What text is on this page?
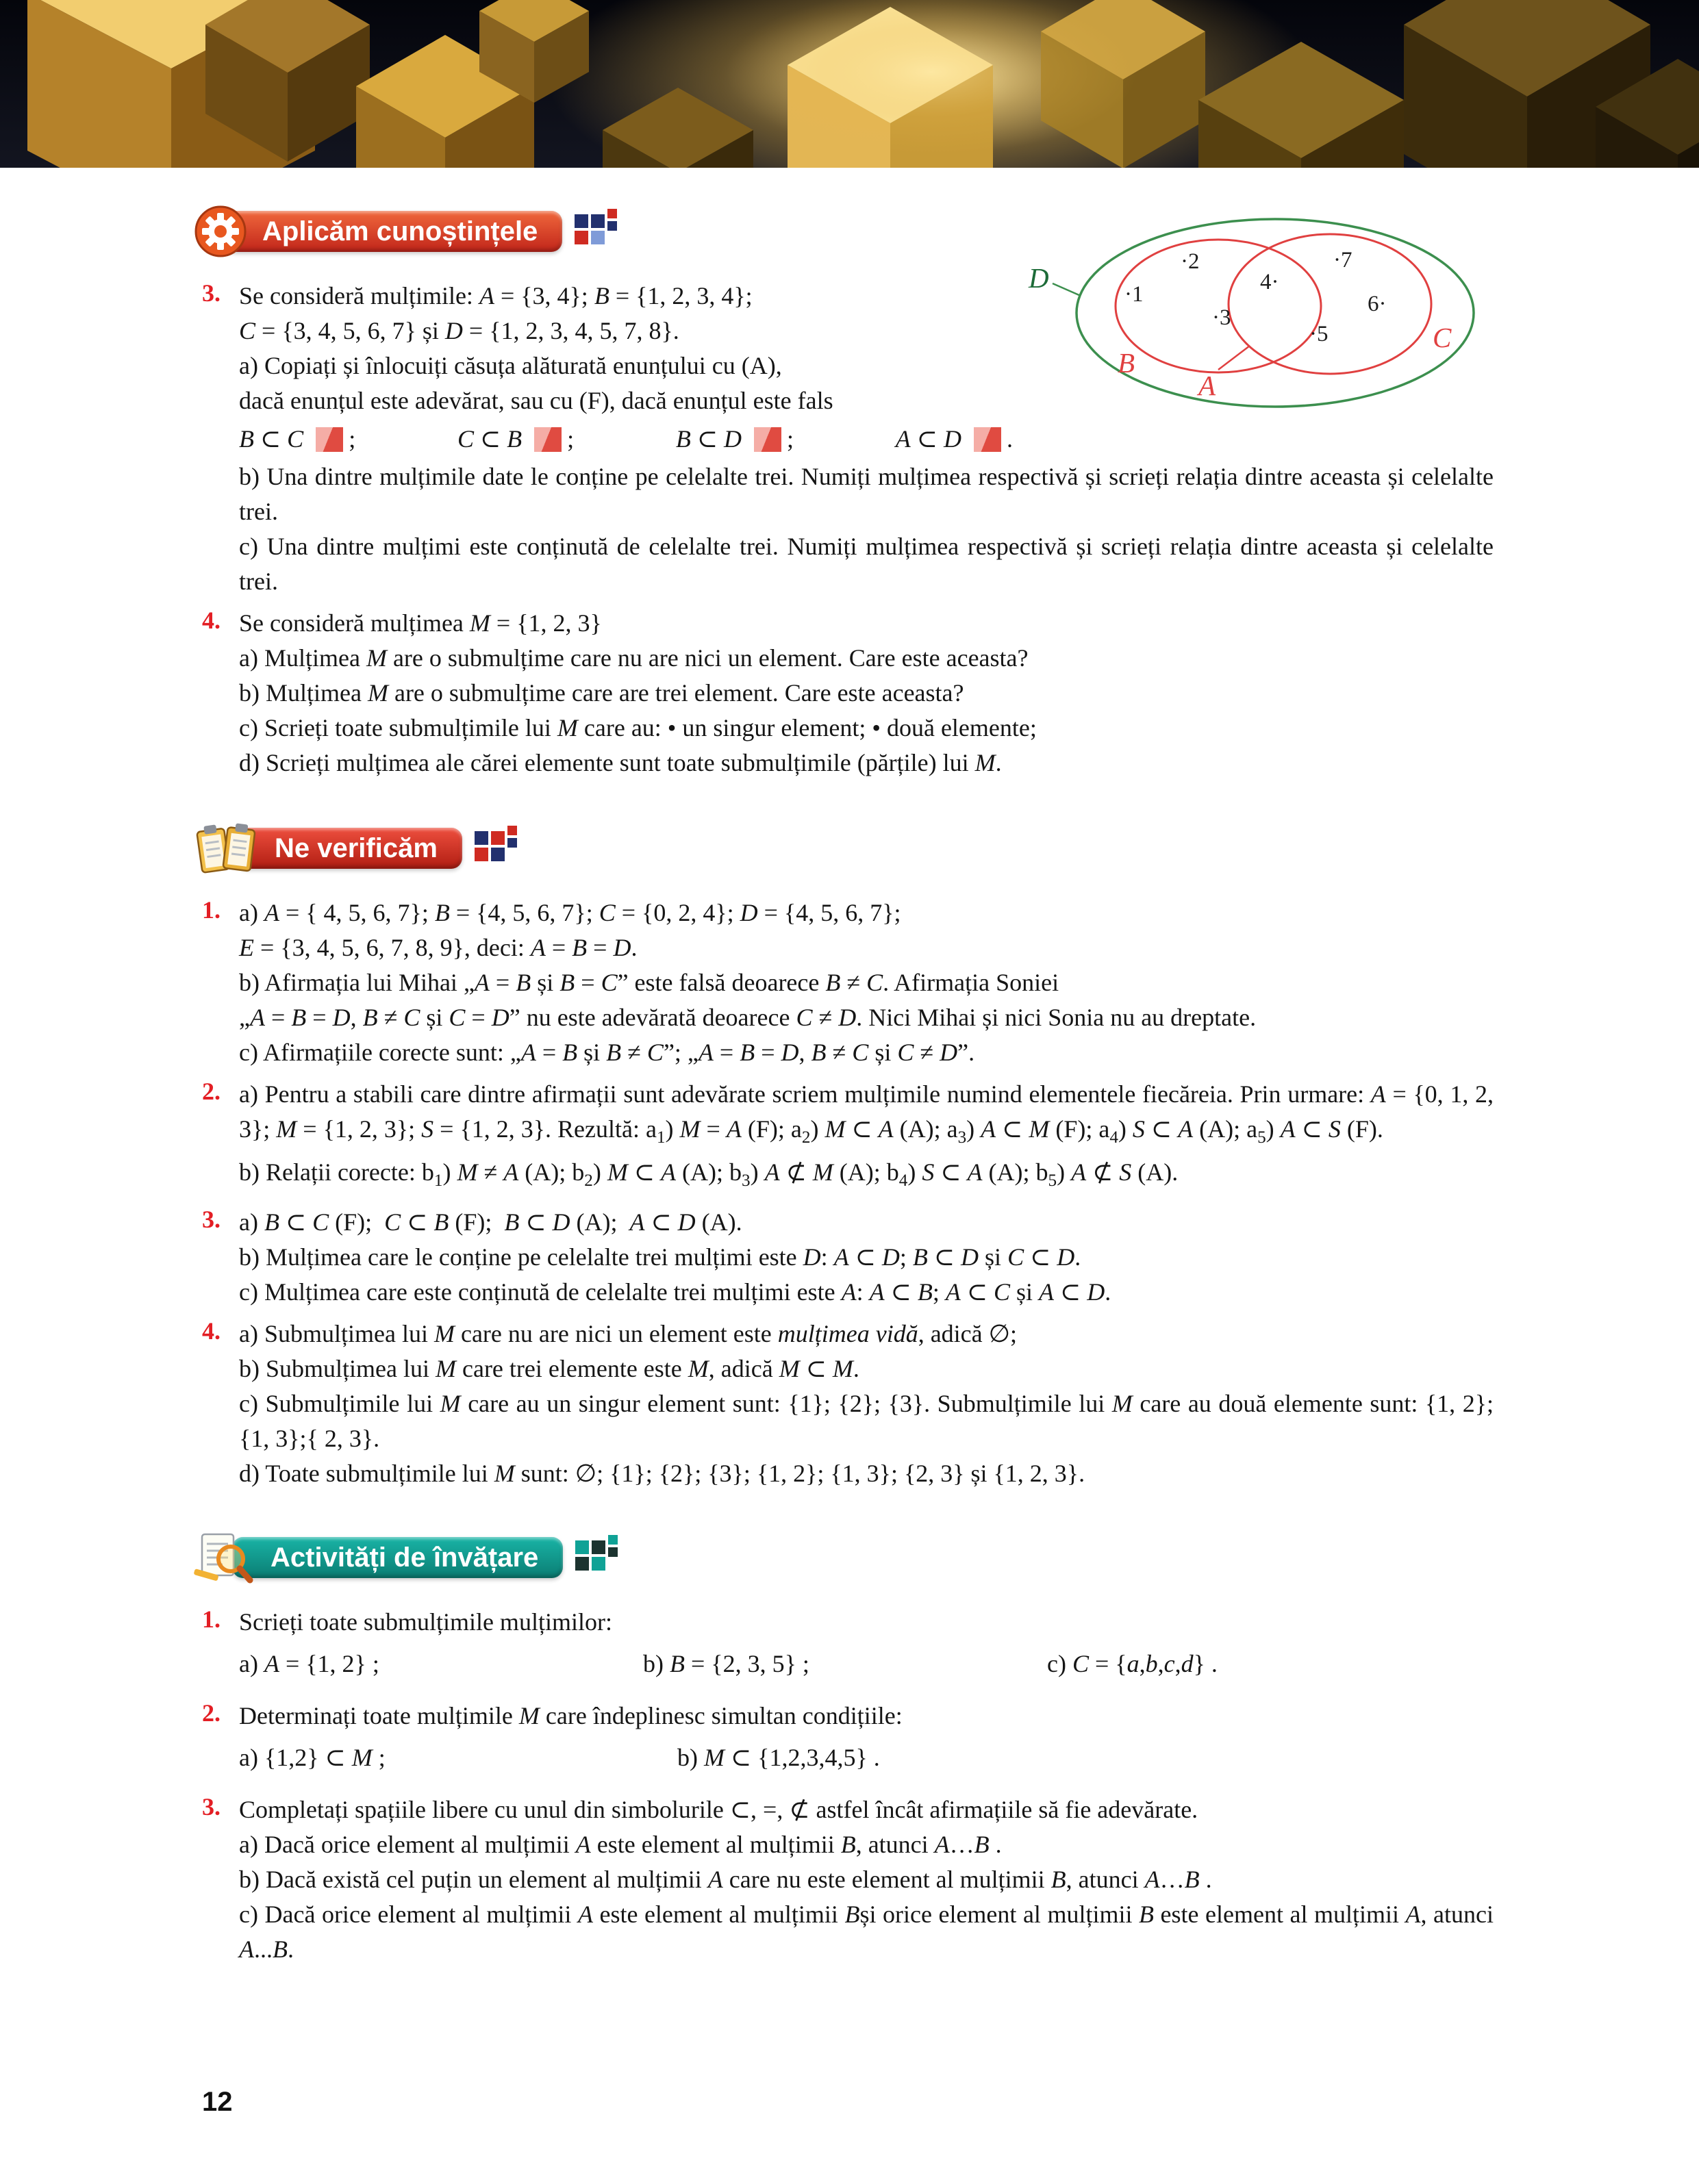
Aplicăm cunoștințele
3. Se consideră mulțimile: A = {3, 4}; B = {1, 2, 3, 4};

C = {3, 4, 5, 6, 7} și D = {1, 2, 3, 4, 5, 7, 8}.

a) Copiați și înlocuiți căsuța alăturată enunțului cu (A),

dacă enunțul este adevărat, sau cu (F), dacă enunțul este fals

B ⊂ C ;	C ⊂ B ;	B ⊂ D ;	A ⊂ D .

b) Una dintre mulțimile date le conține pe celelalte trei. Numiți mulțimea respectivă și scrieți relația dintre aceasta și celelalte trei.

c) Una dintre mulțimi este conținută de celelalte trei. Numiți mulțimea respectivă și scrieți relația dintre aceasta și celelalte trei.

4. Se consideră mulțimea M = {1, 2, 3}

a) Mulțimea M are o submulțime care nu are nici un element. Care este aceasta?

b) Mulțimea M are o submulțime care are trei element. Care este aceasta?

c) Scrieți toate submulțimile lui M care au: • un singur element; • două elemente;

d) Scrieți mulțimea ale cărei elemente sunt toate submulțimile (părțile) lui M.

Ne verificăm
1. a) A = { 4, 5, 6, 7}; B = {4, 5, 6, 7}; C = {0, 2, 4}; D = {4, 5, 6, 7};

E = {3, 4, 5, 6, 7, 8, 9}, deci: A = B = D.

b) Afirmația lui Mihai „A = B și B = C” este falsă deoarece B ≠ C. Afirmația Soniei

„A = B = D, B ≠ C și C = D” nu este adevărată deoarece C ≠ D. Nici Mihai și nici Sonia nu au dreptate.

c) Afirmațiile corecte sunt: „A = B și B ≠ C”; „A = B = D, B ≠ C și C ≠ D”.

2. a) Pentru a stabili care dintre afirmații sunt adevărate scriem mulțimile numind elementele fiecăreia. Prin urmare: A = {0, 1, 2, 3}; M = {1, 2, 3}; S = {1, 2, 3}. Rezultă: $a_1$) M = A (F); $a_2$) M ⊂ A (A); $a_3$) A ⊂ M (F); $a_4$) S ⊂ A (A); $a_5$) A ⊂ S (F).

b) Relații corecte: $b_1$) M ≠ A (A); $b_2$) M ⊂ A (A); $b_3$) A ⊄ M (A); $b_4$) S ⊂ A (A); $b_5$) A ⊄ S (A).

3. a) B ⊂ C (F);  C ⊂ B (F);  B ⊂ D (A);  A ⊂ D (A).

b) Mulțimea care le conține pe celelalte trei mulțimi este D: A ⊂ D; B ⊂ D și C ⊂ D.

c) Mulțimea care este conținută de celelalte trei mulțimi este A: A ⊂ B; A ⊂ C și A ⊂ D.

4. a) Submulțimea lui M care nu are nici un element este mulțimea vidă, adică ∅;

b) Submulțimea lui M care trei elemente este M, adică M ⊂ M.

c) Submulțimile lui M care au un singur element sunt: {1}; {2}; {3}. Submulțimile lui M care au două elemente sunt: {1, 2}; {1, 3};{ 2, 3}.

d) Toate submulțimile lui M sunt: ∅; {1}; {2}; {3}; {1, 2}; {1, 3}; {2, 3} și {1, 2, 3}.

Activități de învățare
1. Scrieți toate submulțimile mulțimilor:

a) A = {1, 2} ;	b) B = {2, 3, 5} ;	c) C = {a,b,c,d} .
2. Determinați toate mulțimile M care îndeplinesc simultan condițiile:

a) {1,2} ⊂ M ;	b) M ⊂ {1,2,3,4,5} .
3. Completați spațiile libere cu unul din simbolurile ⊂, =, ⊄ astfel încât afirmațiile să fie adevărate.

a) Dacă orice element al mulțimii A este element al mulțimii B, atunci A…B .

b) Dacă există cel puțin un element al mulțimii A care nu este element al mulțimii B, atunci A…B .

c) Dacă orice element al mulțimii A este element al mulțimii Bși orice element al mulțimii B este element al mulțimii A, atunci A...B.

D
B
A
C
·1
·2
·3
4·
·5
6·
·7
12
